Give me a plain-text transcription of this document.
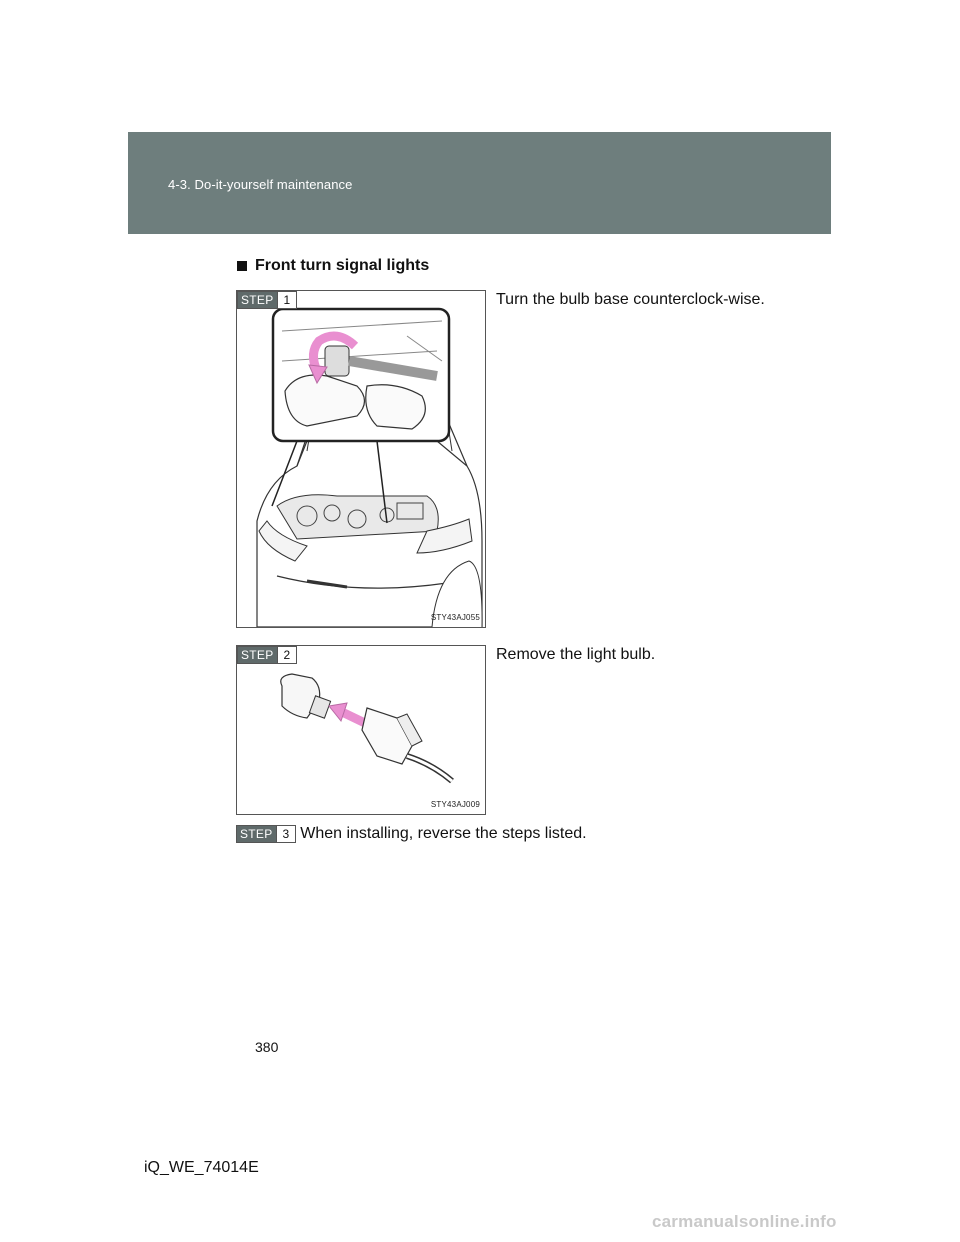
4-3. Do-it-yourself maintenance
Front turn signal lights
STEP 1
STY43AJ055
Turn the bulb base counterclock-wise.
STEP 2
STY43AJ009
Remove the light bulb.
STEP 3 When installing, reverse the steps listed.
380
iQ_WE_74014E
carmanualsonline.info
